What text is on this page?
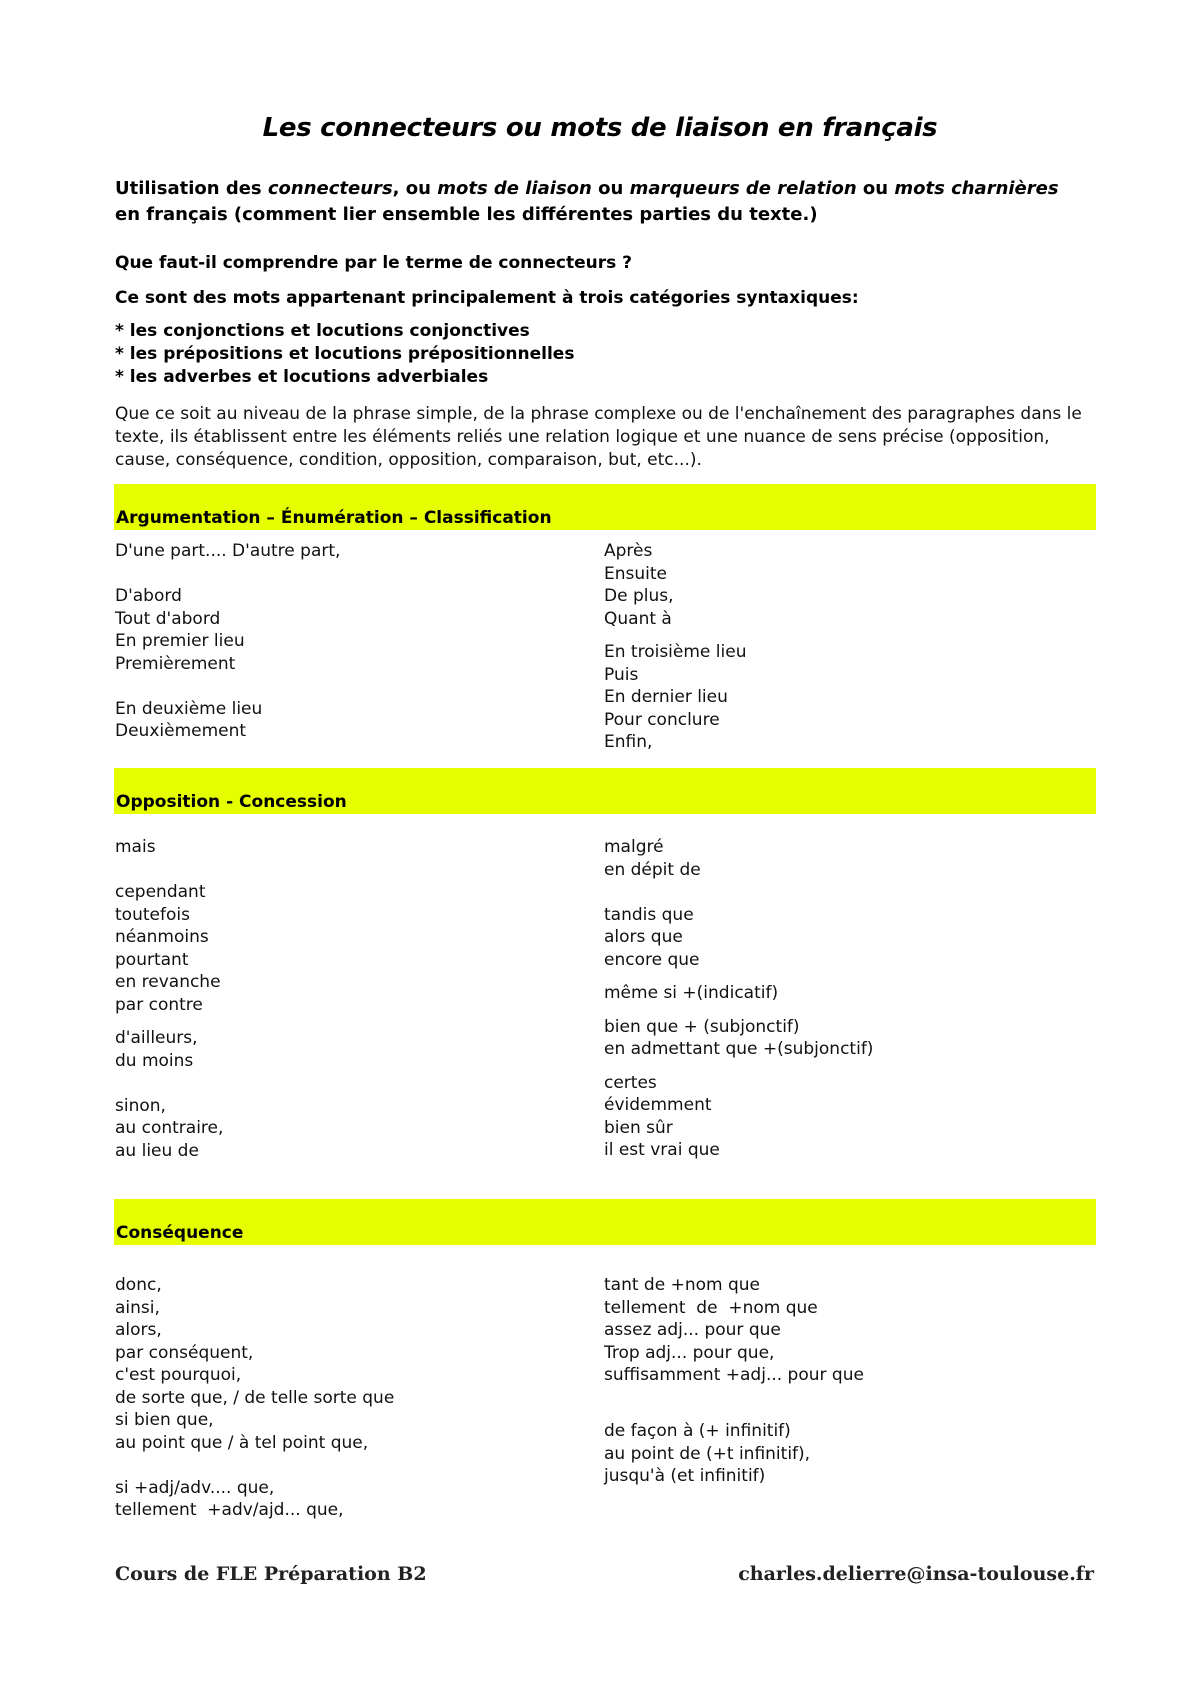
Les connecteurs ou mots de liaison en français
Utilisation des connecteurs, ou mots de liaison ou marqueurs de relation ou mots charnières en français (comment lier ensemble les différentes parties du texte.)
Que faut-il comprendre par le terme de connecteurs ?
Ce sont des mots appartenant principalement à trois catégories syntaxiques:
* les conjonctions et locutions conjonctives
* les prépositions et locutions prépositionnelles
* les adverbes et locutions adverbiales
Que ce soit au niveau de la phrase simple, de la phrase complexe ou de l'enchaînement des paragraphes dans le texte, ils établissent entre les éléments reliés une relation logique et une nuance de sens précise (opposition, cause, conséquence, condition, opposition, comparaison, but, etc...).
Argumentation – Énumération – Classification
D'une part.... D'autre part,

D'abord
Tout d'abord
En premier lieu
Premièrement

En deuxième lieu
Deuxièmement
Après
Ensuite
De plus,
Quant à
En troisième lieu
Puis
En dernier lieu
Pour conclure
Enfin,
Opposition - Concession
mais

cependant
toutefois
néanmoins
pourtant
en revanche
par contre
d'ailleurs,
du moins

sinon,
au contraire,
au lieu de
malgré
en dépit de

tandis que
alors que
encore que
même si +(indicatif)
bien que + (subjonctif)
en admettant que +(subjonctif)
certes
évidemment
bien sûr
il est vrai que
Conséquence
donc,
ainsi,
alors,
par conséquent,
c'est pourquoi,
de sorte que, / de telle sorte que
si bien que,
au point que / à tel point que,

si +adj/adv.... que,
tellement  +adv/ajd... que,
tant de +nom que
tellement  de  +nom que
assez adj... pour que
Trop adj... pour que,
suffisamment +adj... pour que

de façon à (+ infinitif)
au point de (+t infinitif),
jusqu'à (et infinitif)
Cours de FLE Préparation B2	charles.delierre@insa-toulouse.fr
